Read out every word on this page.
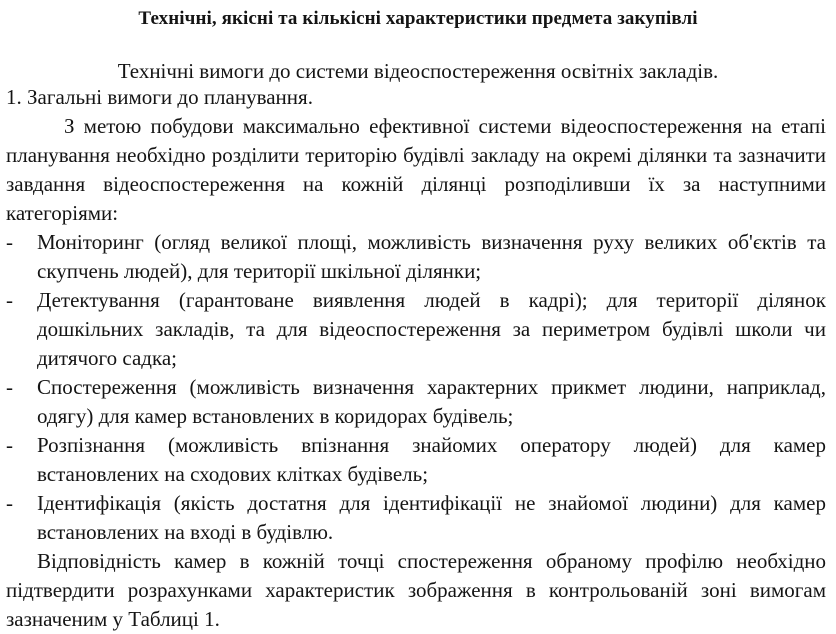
Технічні, якісні та кількісні характеристики предмета закупівлі

Технічні вимоги до системи відеоспостереження освітніх закладів.

1. Загальні вимоги до планування.

З метою побудови максимально ефективної системи відеоспостереження на етапі планування необхідно розділити територію будівлі закладу на окремі ділянки та зазначити завдання відеоспостереження на кожній ділянці розподіливши їх за наступними категоріями:

- Моніторинг (огляд великої площі, можливість визначення руху великих об'єктів та скупчень людей), для території шкільної ділянки;
- Детектування (гарантоване виявлення людей в кадрі); для території ділянок дошкільних закладів, та для відеоспостереження за периметром будівлі школи чи дитячого садка;
- Спостереження (можливість визначення характерних прикмет людини, наприклад, одягу) для камер встановлених в коридорах будівель;
- Розпізнання (можливість впізнання знайомих оператору людей) для камер встановлених на сходових клітках будівель;
- Ідентифікація (якість достатня для ідентифікації не знайомої людини) для камер встановлених на вході в будівлю.

Відповідність камер в кожній точці спостереження обраному профілю необхідно підтвердити розрахунками характеристик зображення в контрольованій зоні вимогам зазначеним у Таблиці 1.
